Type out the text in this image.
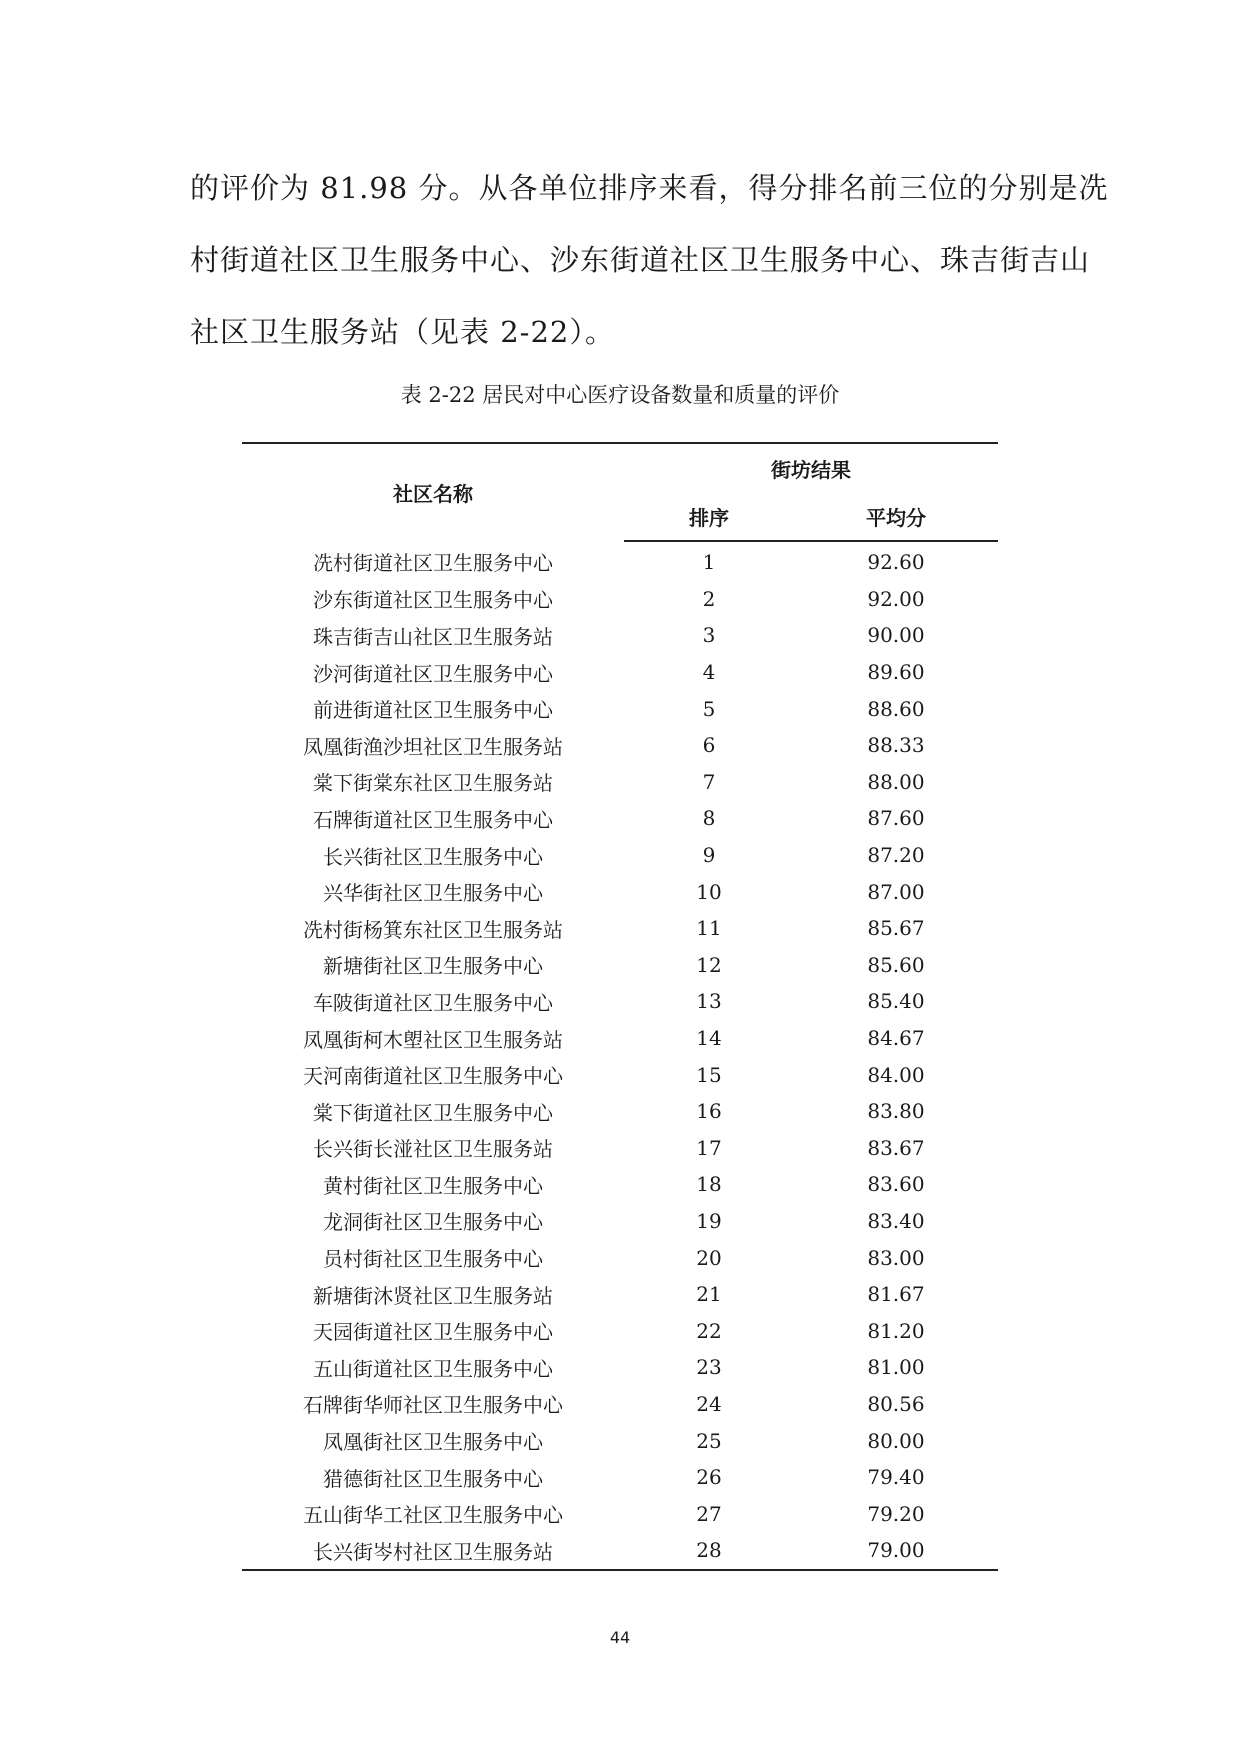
的评价为 81.98 分。从各单位排序来看，得分排名前三位的分别是冼
村街道社区卫生服务中心、沙东街道社区卫生服务中心、珠吉街吉山
社区卫生服务站（见表 2-22）。
表 2-22 居民对中心医疗设备数量和质量的评价
社区名称	街坊结果	
	排序	平均分
冼村街道社区卫生服务中心	1	92.60
沙东街道社区卫生服务中心	2	92.00
珠吉街吉山社区卫生服务站	3	90.00
沙河街道社区卫生服务中心	4	89.60
前进街道社区卫生服务中心	5	88.60
凤凰街渔沙坦社区卫生服务站	6	88.33
棠下街棠东社区卫生服务站	7	88.00
石牌街道社区卫生服务中心	8	87.60
长兴街社区卫生服务中心	9	87.20
兴华街社区卫生服务中心	10	87.00
冼村街杨箕东社区卫生服务站	11	85.67
新塘街社区卫生服务中心	12	85.60
车陂街道社区卫生服务中心	13	85.40
凤凰街柯木塱社区卫生服务站	14	84.67
天河南街道社区卫生服务中心	15	84.00
棠下街道社区卫生服务中心	16	83.80
长兴街长湴社区卫生服务站	17	83.67
黄村街社区卫生服务中心	18	83.60
龙洞街社区卫生服务中心	19	83.40
员村街社区卫生服务中心	20	83.00
新塘街沐贤社区卫生服务站	21	81.67
天园街道社区卫生服务中心	22	81.20
五山街道社区卫生服务中心	23	81.00
石牌街华师社区卫生服务中心	24	80.56
凤凰街社区卫生服务中心	25	80.00
猎德街社区卫生服务中心	26	79.40
五山街华工社区卫生服务中心	27	79.20
长兴街岑村社区卫生服务站	28	79.00
44
